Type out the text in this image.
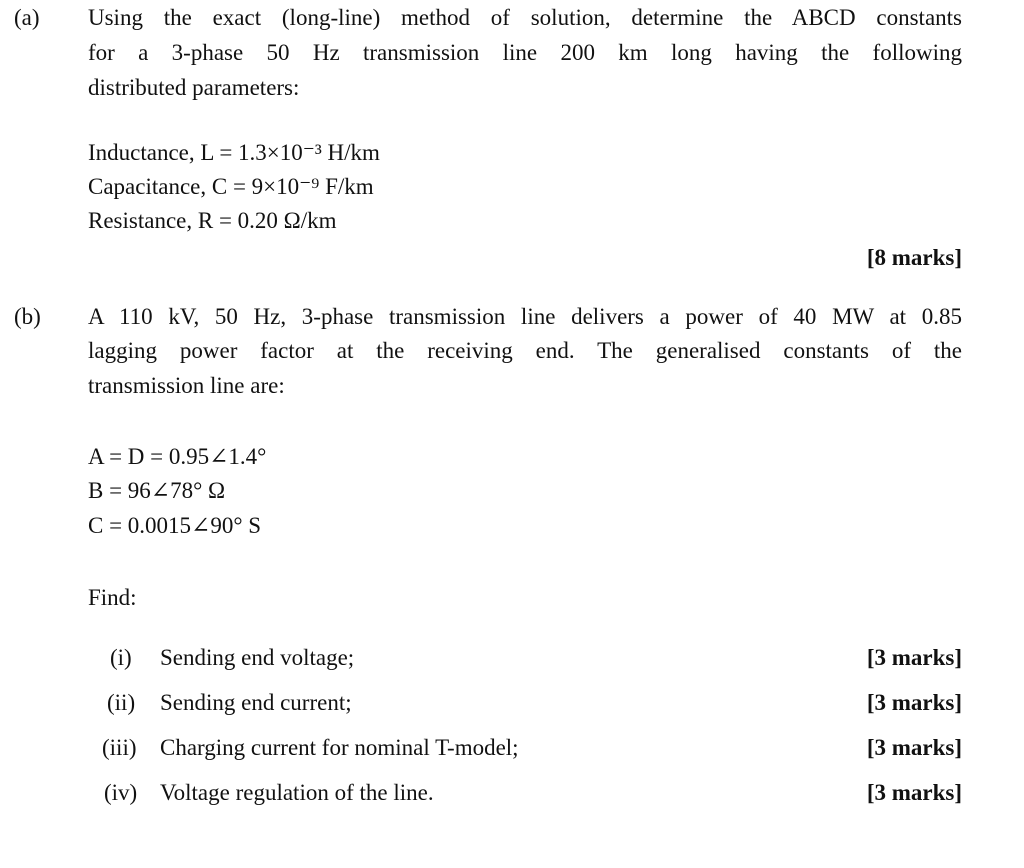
(a) Using the exact (long-line) method of solution, determine the ABCD constants
for a 3-phase 50 Hz transmission line 200 km long having the following
distributed parameters:
Inductance, L = 1.3×10⁻³ H/km
Capacitance, C = 9×10⁻⁹ F/km
Resistance, R = 0.20 Ω/km
[8 marks]
(b) A 110 kV, 50 Hz, 3-phase transmission line delivers a power of 40 MW at 0.85
lagging power factor at the receiving end. The generalised constants of the
transmission line are:
A = D = 0.95∠1.4°
B = 96∠78° Ω
C = 0.0015∠90° S
Find:
(i) Sending end voltage;	[3 marks]
(ii) Sending end current;	[3 marks]
(iii) Charging current for nominal T-model;	[3 marks]
(iv) Voltage regulation of the line.	[3 marks]
